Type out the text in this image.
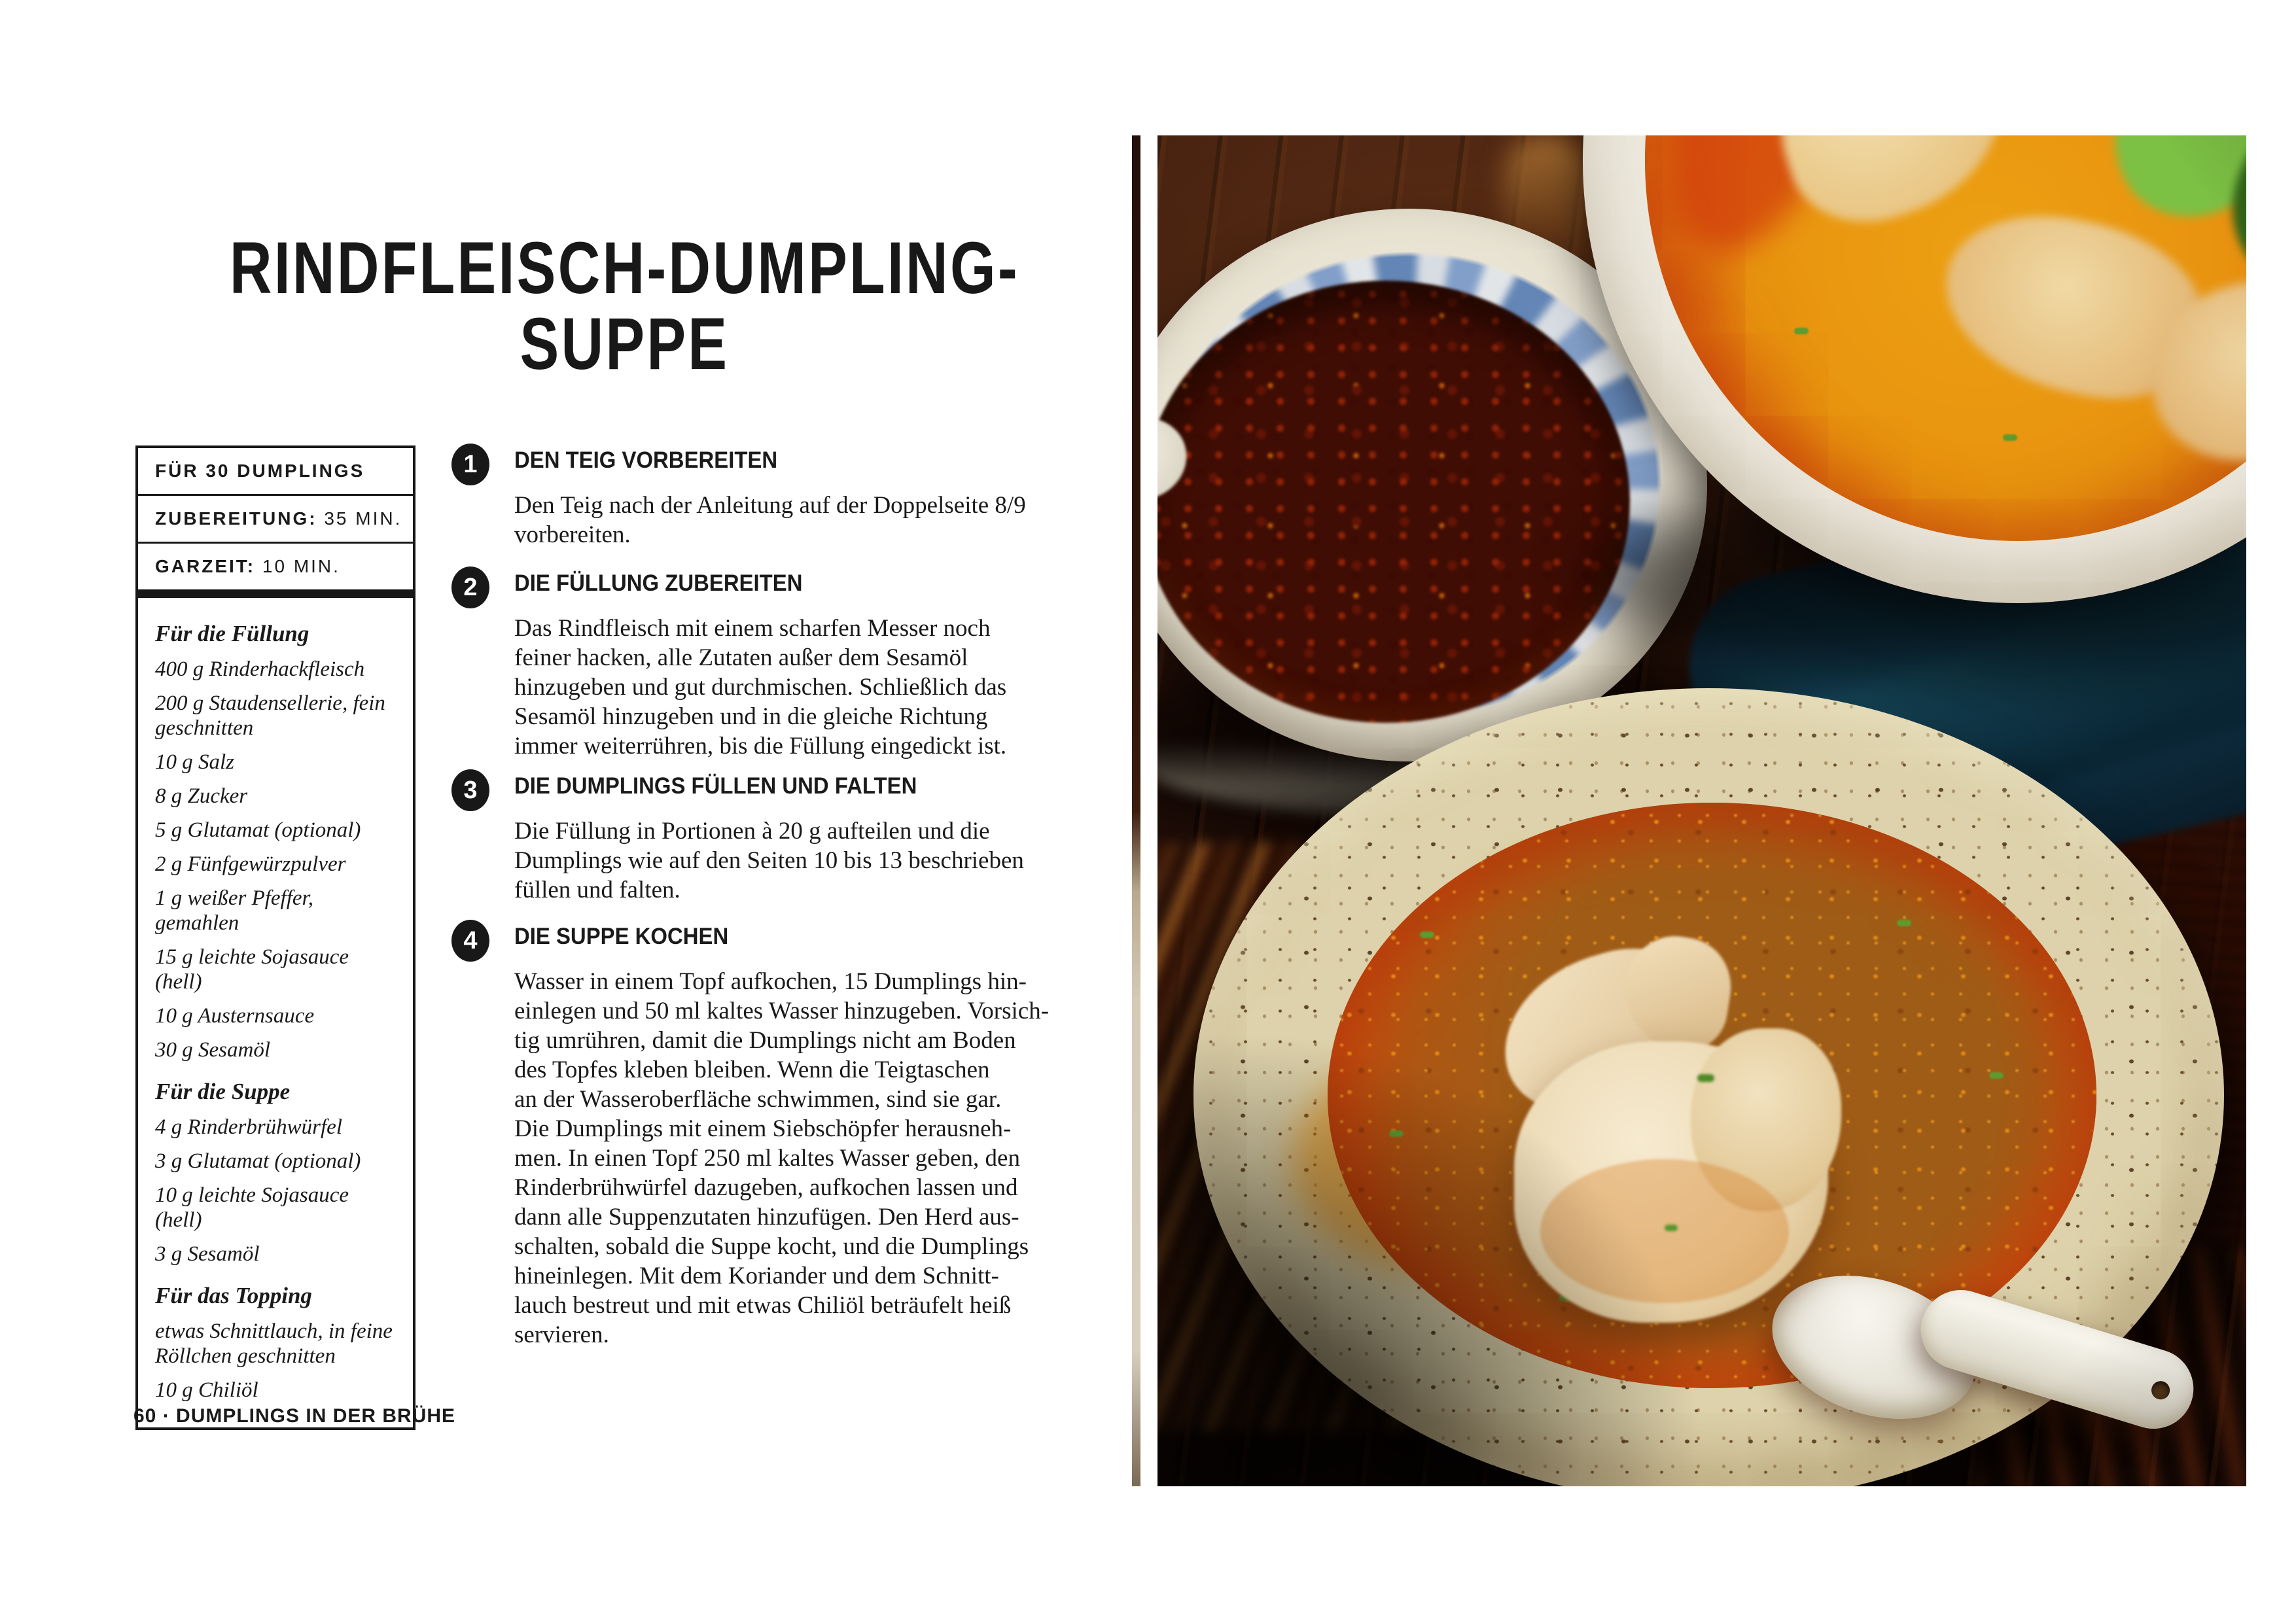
RINDFLEISCH-DUMPLING-
SUPPE
FÜR 30 DUMPLINGS
ZUBEREITUNG: 35 MIN.
GARZEIT: 10 MIN.
Für die Füllung
400 g Rinderhackfleisch
200 g Staudensellerie, fein geschnitten
10 g Salz
8 g Zucker
5 g Glutamat (optional)
2 g Fünfgewürzpulver
1 g weißer Pfeffer, gemahlen
15 g leichte Sojasauce (hell)
10 g Austernsauce
30 g Sesamöl
Für die Suppe
4 g Rinderbrühwürfel
3 g Glutamat (optional)
10 g leichte Sojasauce (hell)
3 g Sesamöl
Für das Topping
etwas Schnittlauch, in feine Röllchen geschnitten
10 g Chiliöl
1 DEN TEIG VORBEREITEN
Den Teig nach der Anleitung auf der Doppelseite 8/9
vorbereiten.
2 DIE FÜLLUNG ZUBEREITEN
Das Rindfleisch mit einem scharfen Messer noch
feiner hacken, alle Zutaten außer dem Sesamöl
hinzugeben und gut durchmischen. Schließlich das
Sesamöl hinzugeben und in die gleiche Richtung
immer weiterrühren, bis die Füllung eingedickt ist.
3 DIE DUMPLINGS FÜLLEN UND FALTEN
Die Füllung in Portionen à 20 g aufteilen und die
Dumplings wie auf den Seiten 10 bis 13 beschrieben
füllen und falten.
4 DIE SUPPE KOCHEN
Wasser in einem Topf aufkochen, 15 Dumplings hin-
einlegen und 50 ml kaltes Wasser hinzugeben. Vorsich-
tig umrühren, damit die Dumplings nicht am Boden
des Topfes kleben bleiben. Wenn die Teigtaschen
an der Wasseroberfläche schwimmen, sind sie gar.
Die Dumplings mit einem Siebschöpfer herausneh-
men. In einen Topf 250 ml kaltes Wasser geben, den
Rinderbrühwürfel dazugeben, aufkochen lassen und
dann alle Suppenzutaten hinzufügen. Den Herd aus-
schalten, sobald die Suppe kocht, und die Dumplings
hineinlegen. Mit dem Koriander und dem Schnitt-
lauch bestreut und mit etwas Chiliöl beträufelt heiß
servieren.
60 · DUMPLINGS IN DER BRÜHE
